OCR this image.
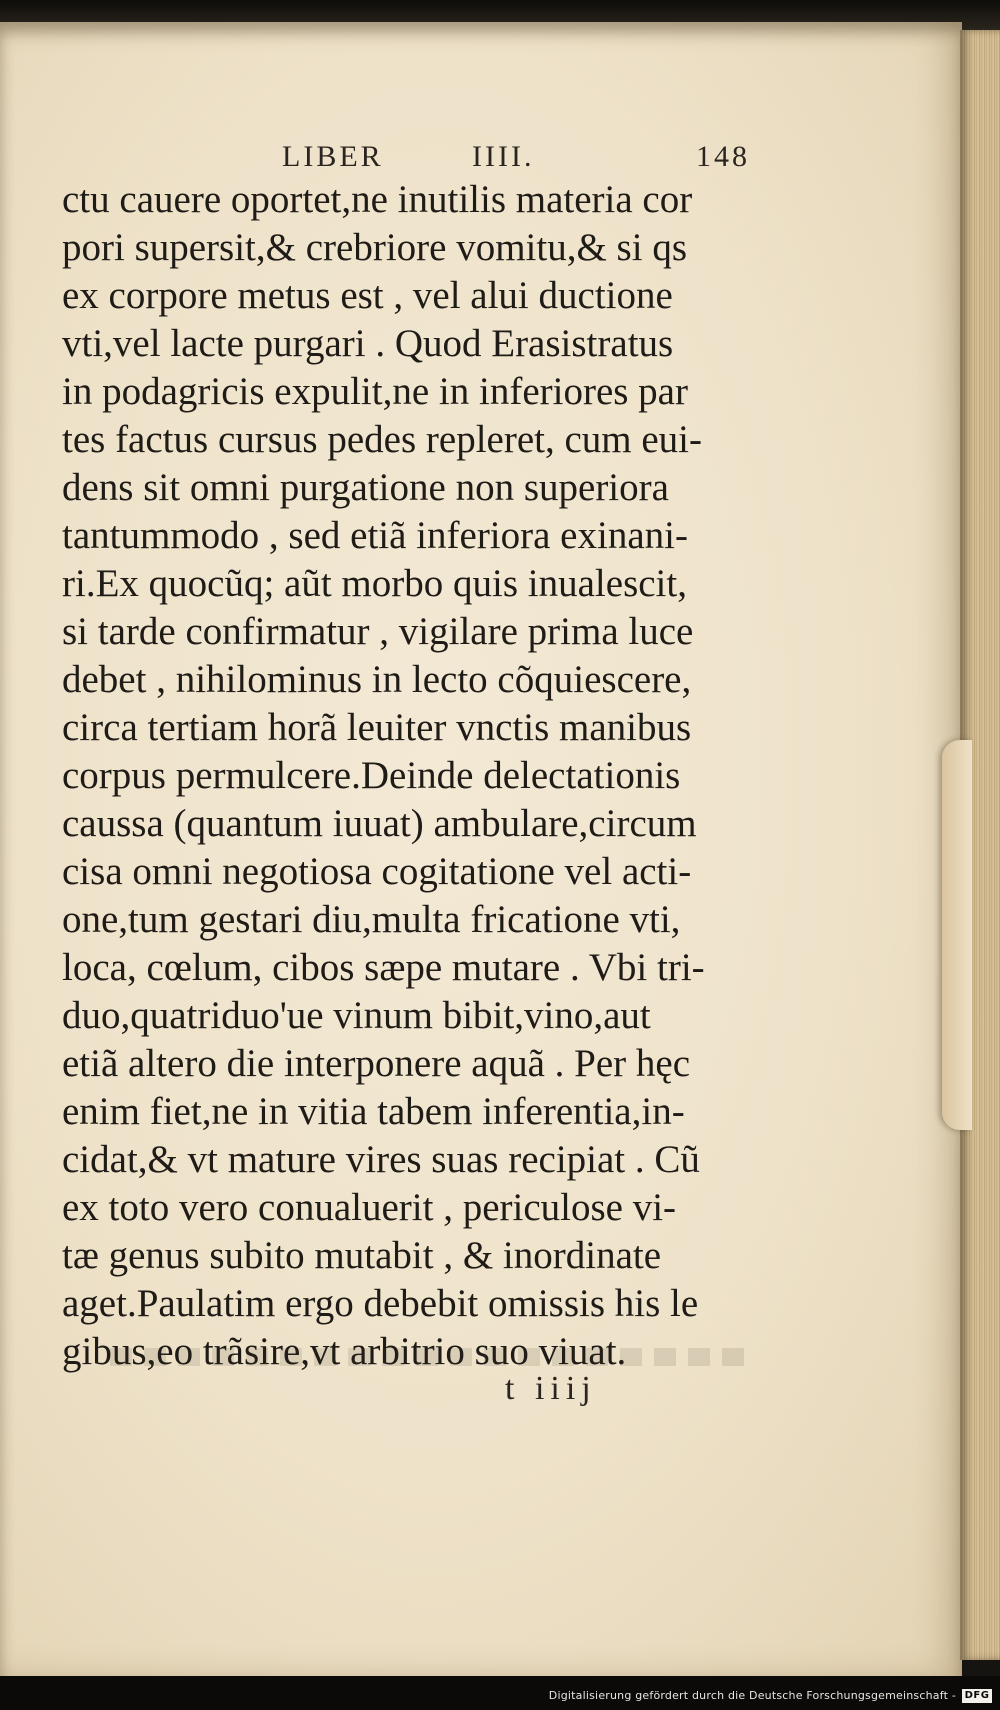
LIBER	IIII.	148
ctu cauere oportet,ne inutilis materia cor
pori supersit,& crebriore vomitu,& si qs
ex corpore metus est , vel alui ductione
vti,vel lacte purgari . Quod Erasistratus
in podagricis expulit,ne in inferiores par
tes factus cursus pedes repleret, cum eui-
dens sit omni purgatione non superiora
tantummodo , sed etiã inferiora exinani-
ri.Ex quocũq; aũt morbo quis inualescit,
si tarde confirmatur , vigilare prima luce
debet , nihilominus in lecto cõquiescere,
circa tertiam horã leuiter vnctis manibus
corpus permulcere.Deinde delectationis
caussa (quantum iuuat) ambulare,circum
cisa omni negotiosa cogitatione vel acti-
one,tum gestari diu,multa fricatione vti,
loca, cœlum, cibos sæpe mutare . Vbi tri-
duo,quatriduo'ue vinum bibit,vino,aut
etiã altero die interponere aquã . Per hęc
enim fiet,ne in vitia tabem inferentia,in-
cidat,& vt mature vires suas recipiat . Cũ
ex toto vero conualuerit , periculose vi-
tæ genus subito mutabit , & inordinate
aget.Paulatim ergo debebit omissis his le
gibus,eo trãsire,vt arbitrio suo viuat.
t iiij
Digitalisierung gefördert durch die Deutsche Forschungsgemeinschaft - DFG
